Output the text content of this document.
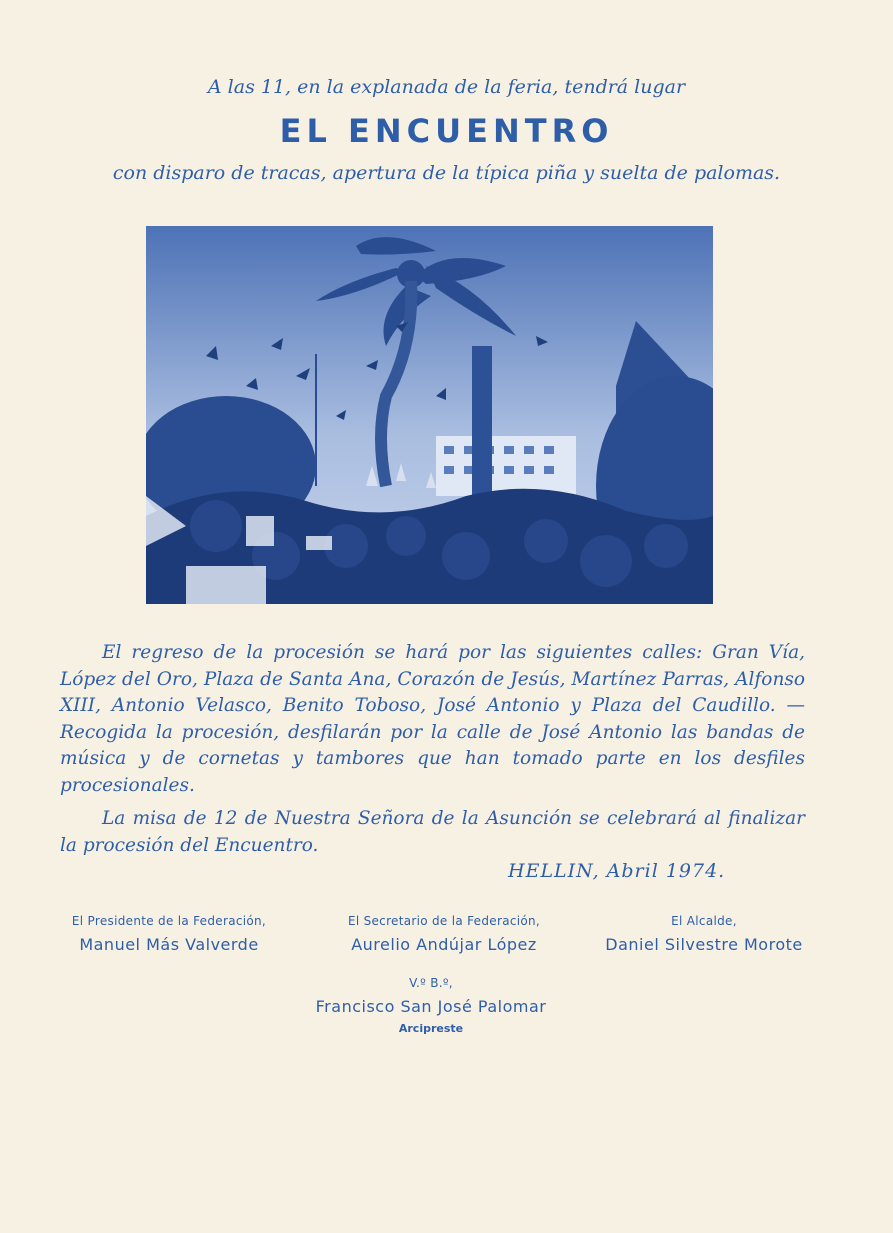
A las 11, en la explanada de la feria, tendrá lugar
EL ENCUENTRO
con disparo de tracas, apertura de la típica piña y suelta de palomas.
El regreso de la procesión se hará por las siguientes calles: Gran Vía, López del Oro, Plaza de Santa Ana, Corazón de Jesús, Martínez Parras, Alfonso XIII, Antonio Velasco, Benito Toboso, José Antonio y Plaza del Caudillo. — Recogida la procesión, desfilarán por la calle de José Antonio las bandas de música y de cornetas y tambores que han tomado parte en los desfiles procesionales.
La misa de 12 de Nuestra Señora de la Asunción se celebrará al finalizar la procesión del Encuentro.
HELLIN, Abril 1974.
El Presidente de la Federación,
Manuel Más Valverde
El Secretario de la Federación,
Aurelio Andújar López
El Alcalde,
Daniel Silvestre Morote
V.º B.º,
Francisco San José Palomar
Arcipreste
